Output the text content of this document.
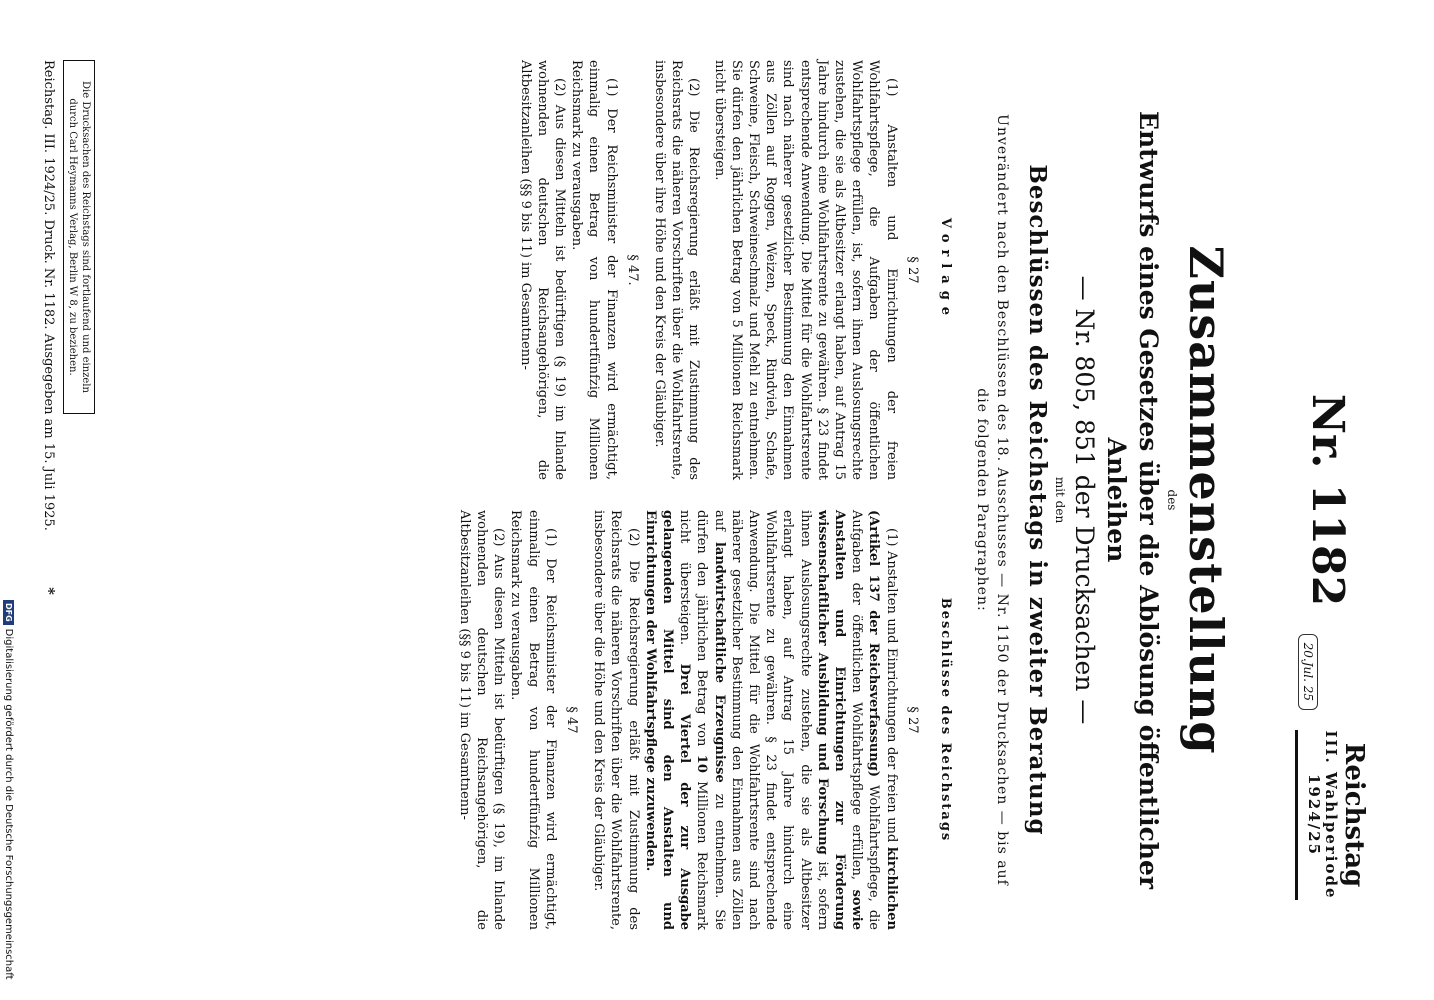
Reichstag
III. Wahlperiode
1924/25
20.Jul. 25
Nr. 1182
Zusammenstellung
des
Entwurfs eines Gesetzes über die Ablösung öffentlicher Anleihen
— Nr. 805, 851 der Drucksachen —
mit den
Beschlüssen des Reichstags in zweiter Beratung
Unverändert nach den Beschlüssen des 18. Ausschusses — Nr. 1150 der Drucksachen — bis auf die folgenden Paragraphen:
Vorlage
§ 27

(1) Anstalten und Einrichtungen der freien Wohlfahrtspflege, die Aufgaben der öffentlichen Wohlfahrtspflege erfüllen, ist, sofern ihnen Auslosungsrechte zustehen, die sie als Altbesitzer erlangt haben, auf Antrag 15 Jahre hindurch eine Wohlfahrtsrente zu gewähren. § 23 findet entsprechende Anwendung. Die Mittel für die Wohlfahrtsrente sind nach näherer gesetzlicher Bestimmung den Einnahmen aus Zöllen auf Roggen, Weizen, Speck, Rindvieh, Schafe, Schweine, Fleisch, Schweineschmalz und Mehl zu entnehmen. Sie dürfen den jährlichen Betrag von 5 Millionen Reichsmark nicht übersteigen.

(2) Die Reichsregierung erläßt mit Zustimmung des Reichsrats die näheren Vorschriften über die Wohlfahrtsrente, insbesondere über ihre Höhe und den Kreis der Gläubiger.

§ 47.

(1) Der Reichsminister der Finanzen wird ermächtigt, einmalig einen Betrag von hundertfünfzig Millionen Reichsmark zu verausgaben.

(2) Aus diesen Mitteln ist bedürftigen (§ 19) im Inlande wohnenden deutschen Reichsangehörigen, die Altbesitzanleihen (§§ 9 bis 11) im Gesamtnenn-

Beschlüsse des Reichstags
§ 27

(1) Anstalten und Einrichtungen der freien und kirchlichen (Artikel 137 der Reichsverfassung) Wohlfahrtspflege, die Aufgaben der öffentlichen Wohlfahrtspflege erfüllen, sowie Anstalten und Einrichtungen zur Förderung wissenschaftlicher Ausbildung und Forschung ist, sofern ihnen Auslosungsrechte zustehen, die sie als Altbesitzer erlangt haben, auf Antrag 15 Jahre hindurch eine Wohlfahrtsrente zu gewähren. § 23 findet entsprechende Anwendung. Die Mittel für die Wohlfahrtsrente sind nach näherer gesetzlicher Bestimmung den Einnahmen aus Zöllen auf landwirtschaftliche Erzeugnisse zu entnehmen. Sie dürfen den jährlichen Betrag von 10 Millionen Reichsmark nicht übersteigen. Drei Viertel der zur Ausgabe gelangenden Mittel sind den Anstalten und Einrichtungen der Wohlfahrtspflege zuzuwenden.

(2) Die Reichsregierung erläßt mit Zustimmung des Reichsrats die näheren Vorschriften über die Wohlfahrtsrente, insbesondere über die Höhe und den Kreis der Gläubiger.

§ 47

(1) Der Reichsminister der Finanzen wird ermächtigt, einmalig einen Betrag von hundertfünfzig Millionen Reichsmark zu verausgaben.

(2) Aus diesen Mitteln ist bedürftigen (§ 19), im Inlande wohnenden deutschen Reichsangehörigen, die Altbesitzanleihen (§§ 9 bis 11) im Gesamtnenn-

Die Drucksachen des Reichstags sind fortlaufend und einzeln durch Carl Heymanns Verlag, Berlin W 8, zu beziehen.
Reichstag. III. 1924/25. Druck. Nr. 1182. Ausgegeben am 15. Juli 1925.
*
DFG
Digitalisierung gefördert durch die Deutsche Forschungsgemeinschaft
